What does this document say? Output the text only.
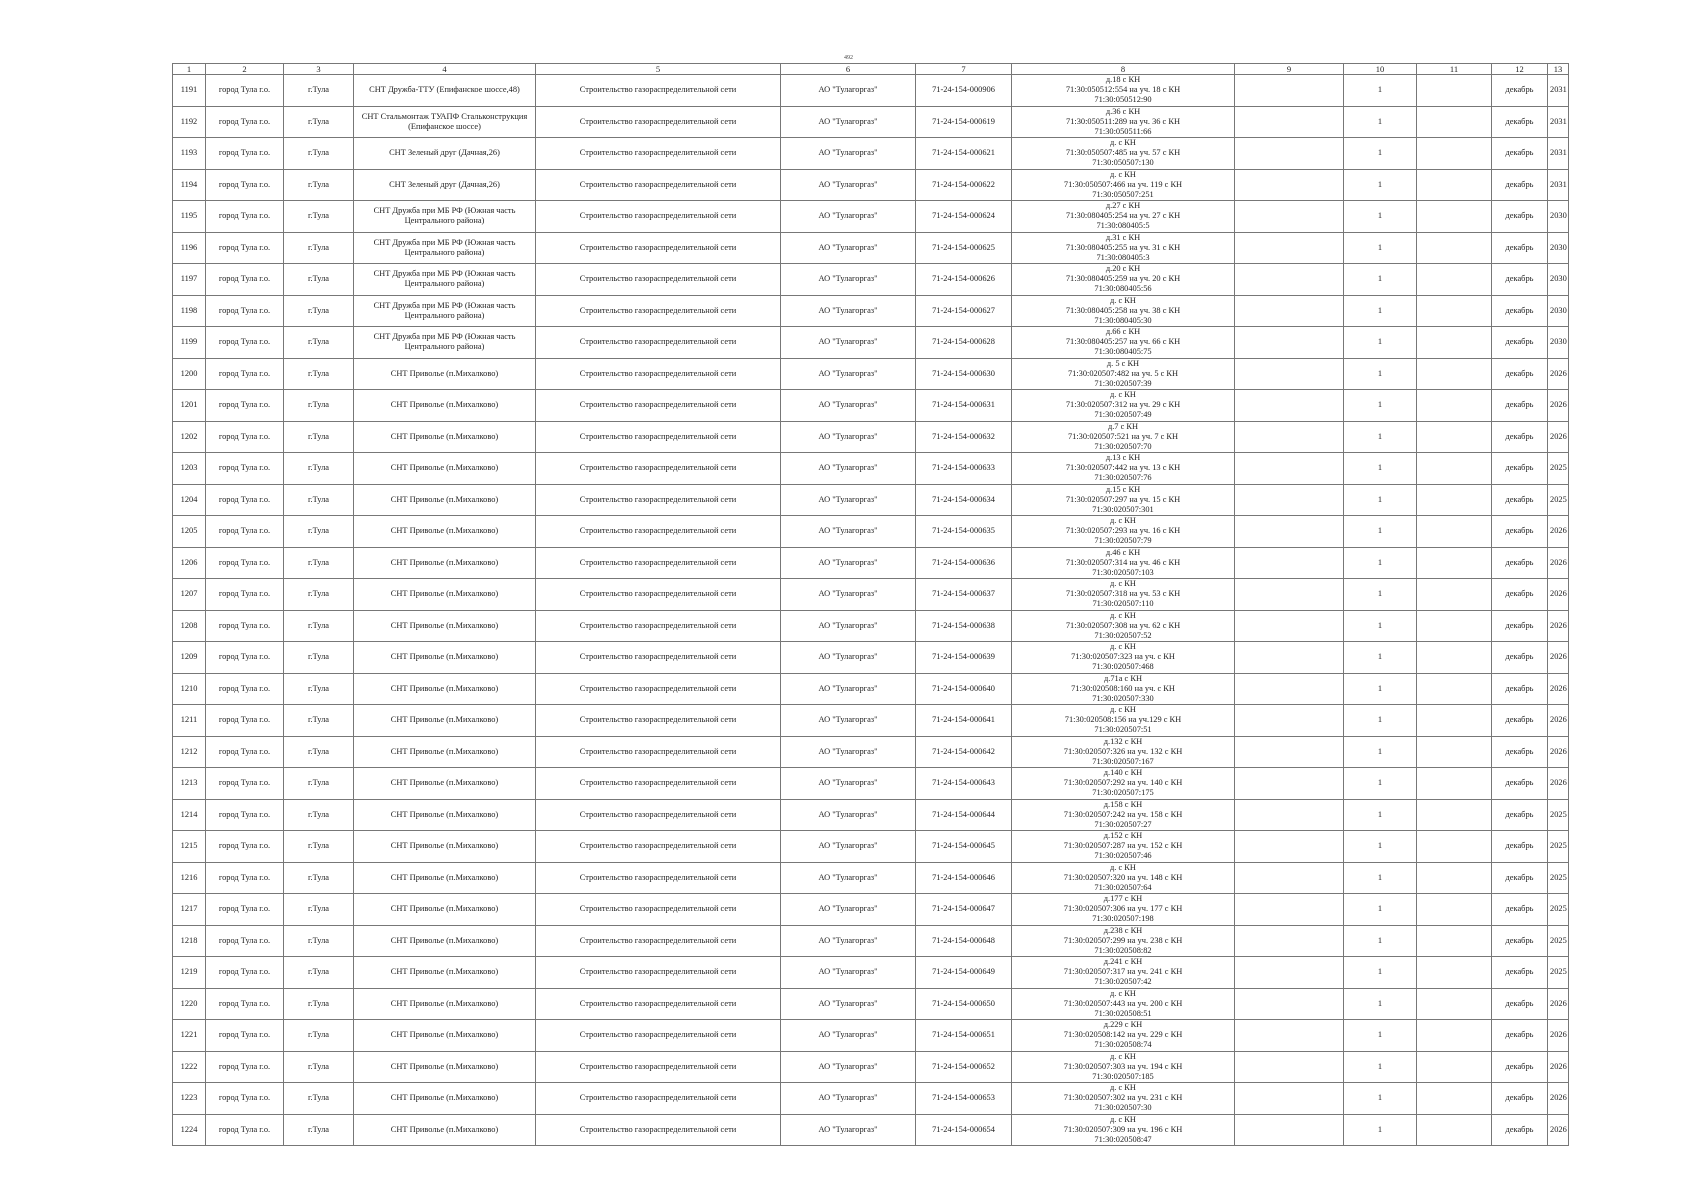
492
1	2	3	4	5	6	7	8	9	10	11	12	13
1191	город Тула г.о.	г.Тула	СНТ Дружба-ТТУ (Епифанское шоссе,48)	Строительство газораспределительной сети	АО "Тулагоргаз"	71-24-154-000906	д.18 с КН
71:30:050512:554 на уч. 18 с КН
71:30:050512:90		1		декабрь	2031
1192	город Тула г.о.	г.Тула	СНТ Стальмонтаж ТУАПФ Стальконструкция (Епифанское шоссе)	Строительство газораспределительной сети	АО "Тулагоргаз"	71-24-154-000619	д.36 с КН
71:30:050511:289 на уч. 36 с КН
71:30:050511:66		1		декабрь	2031
1193	город Тула г.о.	г.Тула	СНТ Зеленый друг (Дачная,26)	Строительство газораспределительной сети	АО "Тулагоргаз"	71-24-154-000621	д. с КН
71:30:050507:485 на уч. 57 с КН
71:30:050507:130		1		декабрь	2031
1194	город Тула г.о.	г.Тула	СНТ Зеленый друг (Дачная,26)	Строительство газораспределительной сети	АО "Тулагоргаз"	71-24-154-000622	д. с КН
71:30:050507:466 на уч. 119 с КН
71:30:050507:251		1		декабрь	2031
1195	город Тула г.о.	г.Тула	СНТ Дружба при МБ РФ (Южная часть Центрального района)	Строительство газораспределительной сети	АО "Тулагоргаз"	71-24-154-000624	д.27 с КН
71:30:080405:254 на уч. 27 с КН
71:30:080405:5		1		декабрь	2030
1196	город Тула г.о.	г.Тула	СНТ Дружба при МБ РФ (Южная часть Центрального района)	Строительство газораспределительной сети	АО "Тулагоргаз"	71-24-154-000625	д.31 с КН
71:30:080405:255 на уч. 31 с КН
71:30:080405:3		1		декабрь	2030
1197	город Тула г.о.	г.Тула	СНТ Дружба при МБ РФ (Южная часть Центрального района)	Строительство газораспределительной сети	АО "Тулагоргаз"	71-24-154-000626	д.20 с КН
71:30:080405:259 на уч. 20 с КН
71:30:080405:56		1		декабрь	2030
1198	город Тула г.о.	г.Тула	СНТ Дружба при МБ РФ (Южная часть Центрального района)	Строительство газораспределительной сети	АО "Тулагоргаз"	71-24-154-000627	д. с КН
71:30:080405:258 на уч. 38 с КН
71:30:080405:30		1		декабрь	2030
1199	город Тула г.о.	г.Тула	СНТ Дружба при МБ РФ (Южная часть Центрального района)	Строительство газораспределительной сети	АО "Тулагоргаз"	71-24-154-000628	д.66 с КН
71:30:080405:257 на уч. 66 с КН
71:30:080405:75		1		декабрь	2030
1200	город Тула г.о.	г.Тула	СНТ Приволье (п.Михалково)	Строительство газораспределительной сети	АО "Тулагоргаз"	71-24-154-000630	д. 5 с КН
71:30:020507:482 на уч. 5 с КН
71:30:020507:39		1		декабрь	2026
1201	город Тула г.о.	г.Тула	СНТ Приволье (п.Михалково)	Строительство газораспределительной сети	АО "Тулагоргаз"	71-24-154-000631	д. с КН
71:30:020507:312 на уч. 29 с КН
71:30:020507:49		1		декабрь	2026
1202	город Тула г.о.	г.Тула	СНТ Приволье (п.Михалково)	Строительство газораспределительной сети	АО "Тулагоргаз"	71-24-154-000632	д.7 с КН
71:30:020507:521 на уч. 7 с КН
71:30:020507:70		1		декабрь	2026
1203	город Тула г.о.	г.Тула	СНТ Приволье (п.Михалково)	Строительство газораспределительной сети	АО "Тулагоргаз"	71-24-154-000633	д.13 с КН
71:30:020507:442 на уч. 13 с КН
71:30:020507:76		1		декабрь	2025
1204	город Тула г.о.	г.Тула	СНТ Приволье (п.Михалково)	Строительство газораспределительной сети	АО "Тулагоргаз"	71-24-154-000634	д.15 с КН
71:30:020507:297 на уч. 15 с КН
71:30:020507:301		1		декабрь	2025
1205	город Тула г.о.	г.Тула	СНТ Приволье (п.Михалково)	Строительство газораспределительной сети	АО "Тулагоргаз"	71-24-154-000635	д. с КН
71:30:020507:293 на уч. 16 с КН
71:30:020507:79		1		декабрь	2026
1206	город Тула г.о.	г.Тула	СНТ Приволье (п.Михалково)	Строительство газораспределительной сети	АО "Тулагоргаз"	71-24-154-000636	д.46 с КН
71:30:020507:314 на уч. 46 с КН
71:30:020507:103		1		декабрь	2026
1207	город Тула г.о.	г.Тула	СНТ Приволье (п.Михалково)	Строительство газораспределительной сети	АО "Тулагоргаз"	71-24-154-000637	д. с КН
71:30:020507:318 на уч. 53 с КН
71:30:020507:110		1		декабрь	2026
1208	город Тула г.о.	г.Тула	СНТ Приволье (п.Михалково)	Строительство газораспределительной сети	АО "Тулагоргаз"	71-24-154-000638	д. с КН
71:30:020507:308 на уч. 62 с КН
71:30:020507:52		1		декабрь	2026
1209	город Тула г.о.	г.Тула	СНТ Приволье (п.Михалково)	Строительство газораспределительной сети	АО "Тулагоргаз"	71-24-154-000639	д. с КН
71:30:020507:323 на уч. с КН
71:30:020507:468		1		декабрь	2026
1210	город Тула г.о.	г.Тула	СНТ Приволье (п.Михалково)	Строительство газораспределительной сети	АО "Тулагоргаз"	71-24-154-000640	д.71а с КН
71:30:020508:160 на уч. с КН
71:30:020507:330		1		декабрь	2026
1211	город Тула г.о.	г.Тула	СНТ Приволье (п.Михалково)	Строительство газораспределительной сети	АО "Тулагоргаз"	71-24-154-000641	д. с КН
71:30:020508:156 на уч.129 с КН
71:30:020507:51		1		декабрь	2026
1212	город Тула г.о.	г.Тула	СНТ Приволье (п.Михалково)	Строительство газораспределительной сети	АО "Тулагоргаз"	71-24-154-000642	д.132 с КН
71:30:020507:326 на уч. 132 с КН
71:30:020507:167		1		декабрь	2026
1213	город Тула г.о.	г.Тула	СНТ Приволье (п.Михалково)	Строительство газораспределительной сети	АО "Тулагоргаз"	71-24-154-000643	д.140 с КН
71:30:020507:292 на уч. 140 с КН
71:30:020507:175		1		декабрь	2026
1214	город Тула г.о.	г.Тула	СНТ Приволье (п.Михалково)	Строительство газораспределительной сети	АО "Тулагоргаз"	71-24-154-000644	д.158 с КН
71:30:020507:242 на уч. 158 с КН
71:30:020507:27		1		декабрь	2025
1215	город Тула г.о.	г.Тула	СНТ Приволье (п.Михалково)	Строительство газораспределительной сети	АО "Тулагоргаз"	71-24-154-000645	д.152 с КН
71:30:020507:287 на уч. 152 с КН
71:30:020507:46		1		декабрь	2025
1216	город Тула г.о.	г.Тула	СНТ Приволье (п.Михалково)	Строительство газораспределительной сети	АО "Тулагоргаз"	71-24-154-000646	д. с КН
71:30:020507:320 на уч. 148 с КН
71:30:020507:64		1		декабрь	2025
1217	город Тула г.о.	г.Тула	СНТ Приволье (п.Михалково)	Строительство газораспределительной сети	АО "Тулагоргаз"	71-24-154-000647	д.177 с КН
71:30:020507:306 на уч. 177 с КН
71:30:020507:198		1		декабрь	2025
1218	город Тула г.о.	г.Тула	СНТ Приволье (п.Михалково)	Строительство газораспределительной сети	АО "Тулагоргаз"	71-24-154-000648	д.238 с КН
71:30:020507:299 на уч. 238 с КН
71:30:020508:82		1		декабрь	2025
1219	город Тула г.о.	г.Тула	СНТ Приволье (п.Михалково)	Строительство газораспределительной сети	АО "Тулагоргаз"	71-24-154-000649	д.241 с КН
71:30:020507:317 на уч. 241 с КН
71:30:020507:42		1		декабрь	2025
1220	город Тула г.о.	г.Тула	СНТ Приволье (п.Михалково)	Строительство газораспределительной сети	АО "Тулагоргаз"	71-24-154-000650	д. с КН
71:30:020507:443 на уч. 200 с КН
71:30:020508:51		1		декабрь	2026
1221	город Тула г.о.	г.Тула	СНТ Приволье (п.Михалково)	Строительство газораспределительной сети	АО "Тулагоргаз"	71-24-154-000651	д.229 с КН
71:30:020508:142 на уч. 229 с КН
71:30:020508:74		1		декабрь	2026
1222	город Тула г.о.	г.Тула	СНТ Приволье (п.Михалково)	Строительство газораспределительной сети	АО "Тулагоргаз"	71-24-154-000652	д. с КН
71:30:020507:303 на уч. 194 с КН
71:30:020507:185		1		декабрь	2026
1223	город Тула г.о.	г.Тула	СНТ Приволье (п.Михалково)	Строительство газораспределительной сети	АО "Тулагоргаз"	71-24-154-000653	д. с КН
71:30:020507:302 на уч. 231 с КН
71:30:020507:30		1		декабрь	2026
1224	город Тула г.о.	г.Тула	СНТ Приволье (п.Михалково)	Строительство газораспределительной сети	АО "Тулагоргаз"	71-24-154-000654	д. с КН
71:30:020507:309 на уч. 196 с КН
71:30:020508:47		1		декабрь	2026
